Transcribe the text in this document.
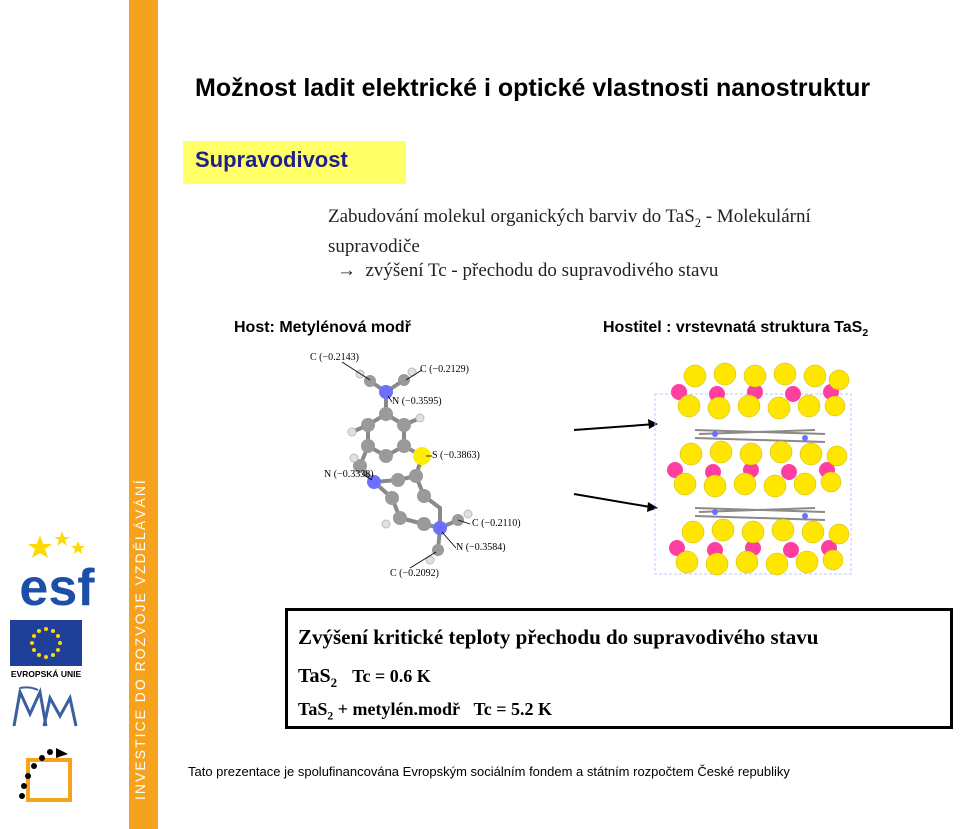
INVESTICE DO ROZVOJE VZDĚLÁVÁNÍ
esf
EVROPSKÁ UNIE
Možnost ladit elektrické i optické vlastnosti nanostruktur
Supravodivost
Zabudování molekul organických barviv do TaS$_2$ - Molekulární
supravodiče
→ zvýšení Tc - přechodu do supravodivého stavu
Host: Metylénová modř	Hostitel : vrstevnatá struktura TaS$_2$
C (−0.2143)
C (−0.2129)
N (−0.3595)
S (−0.3863)
N (−0.3338)
C (−0.2110)
N (−0.3584)
C (−0.2092)
Zvýšení kritické teploty přechodu do supravodivého stavu
TaS$_2$ Tc = 0.6 K
TaS$_2$ + metylén.modř Tc = 5.2 K
Tato prezentace je spolufinancována Evropským sociálním fondem a státním rozpočtem České republiky
